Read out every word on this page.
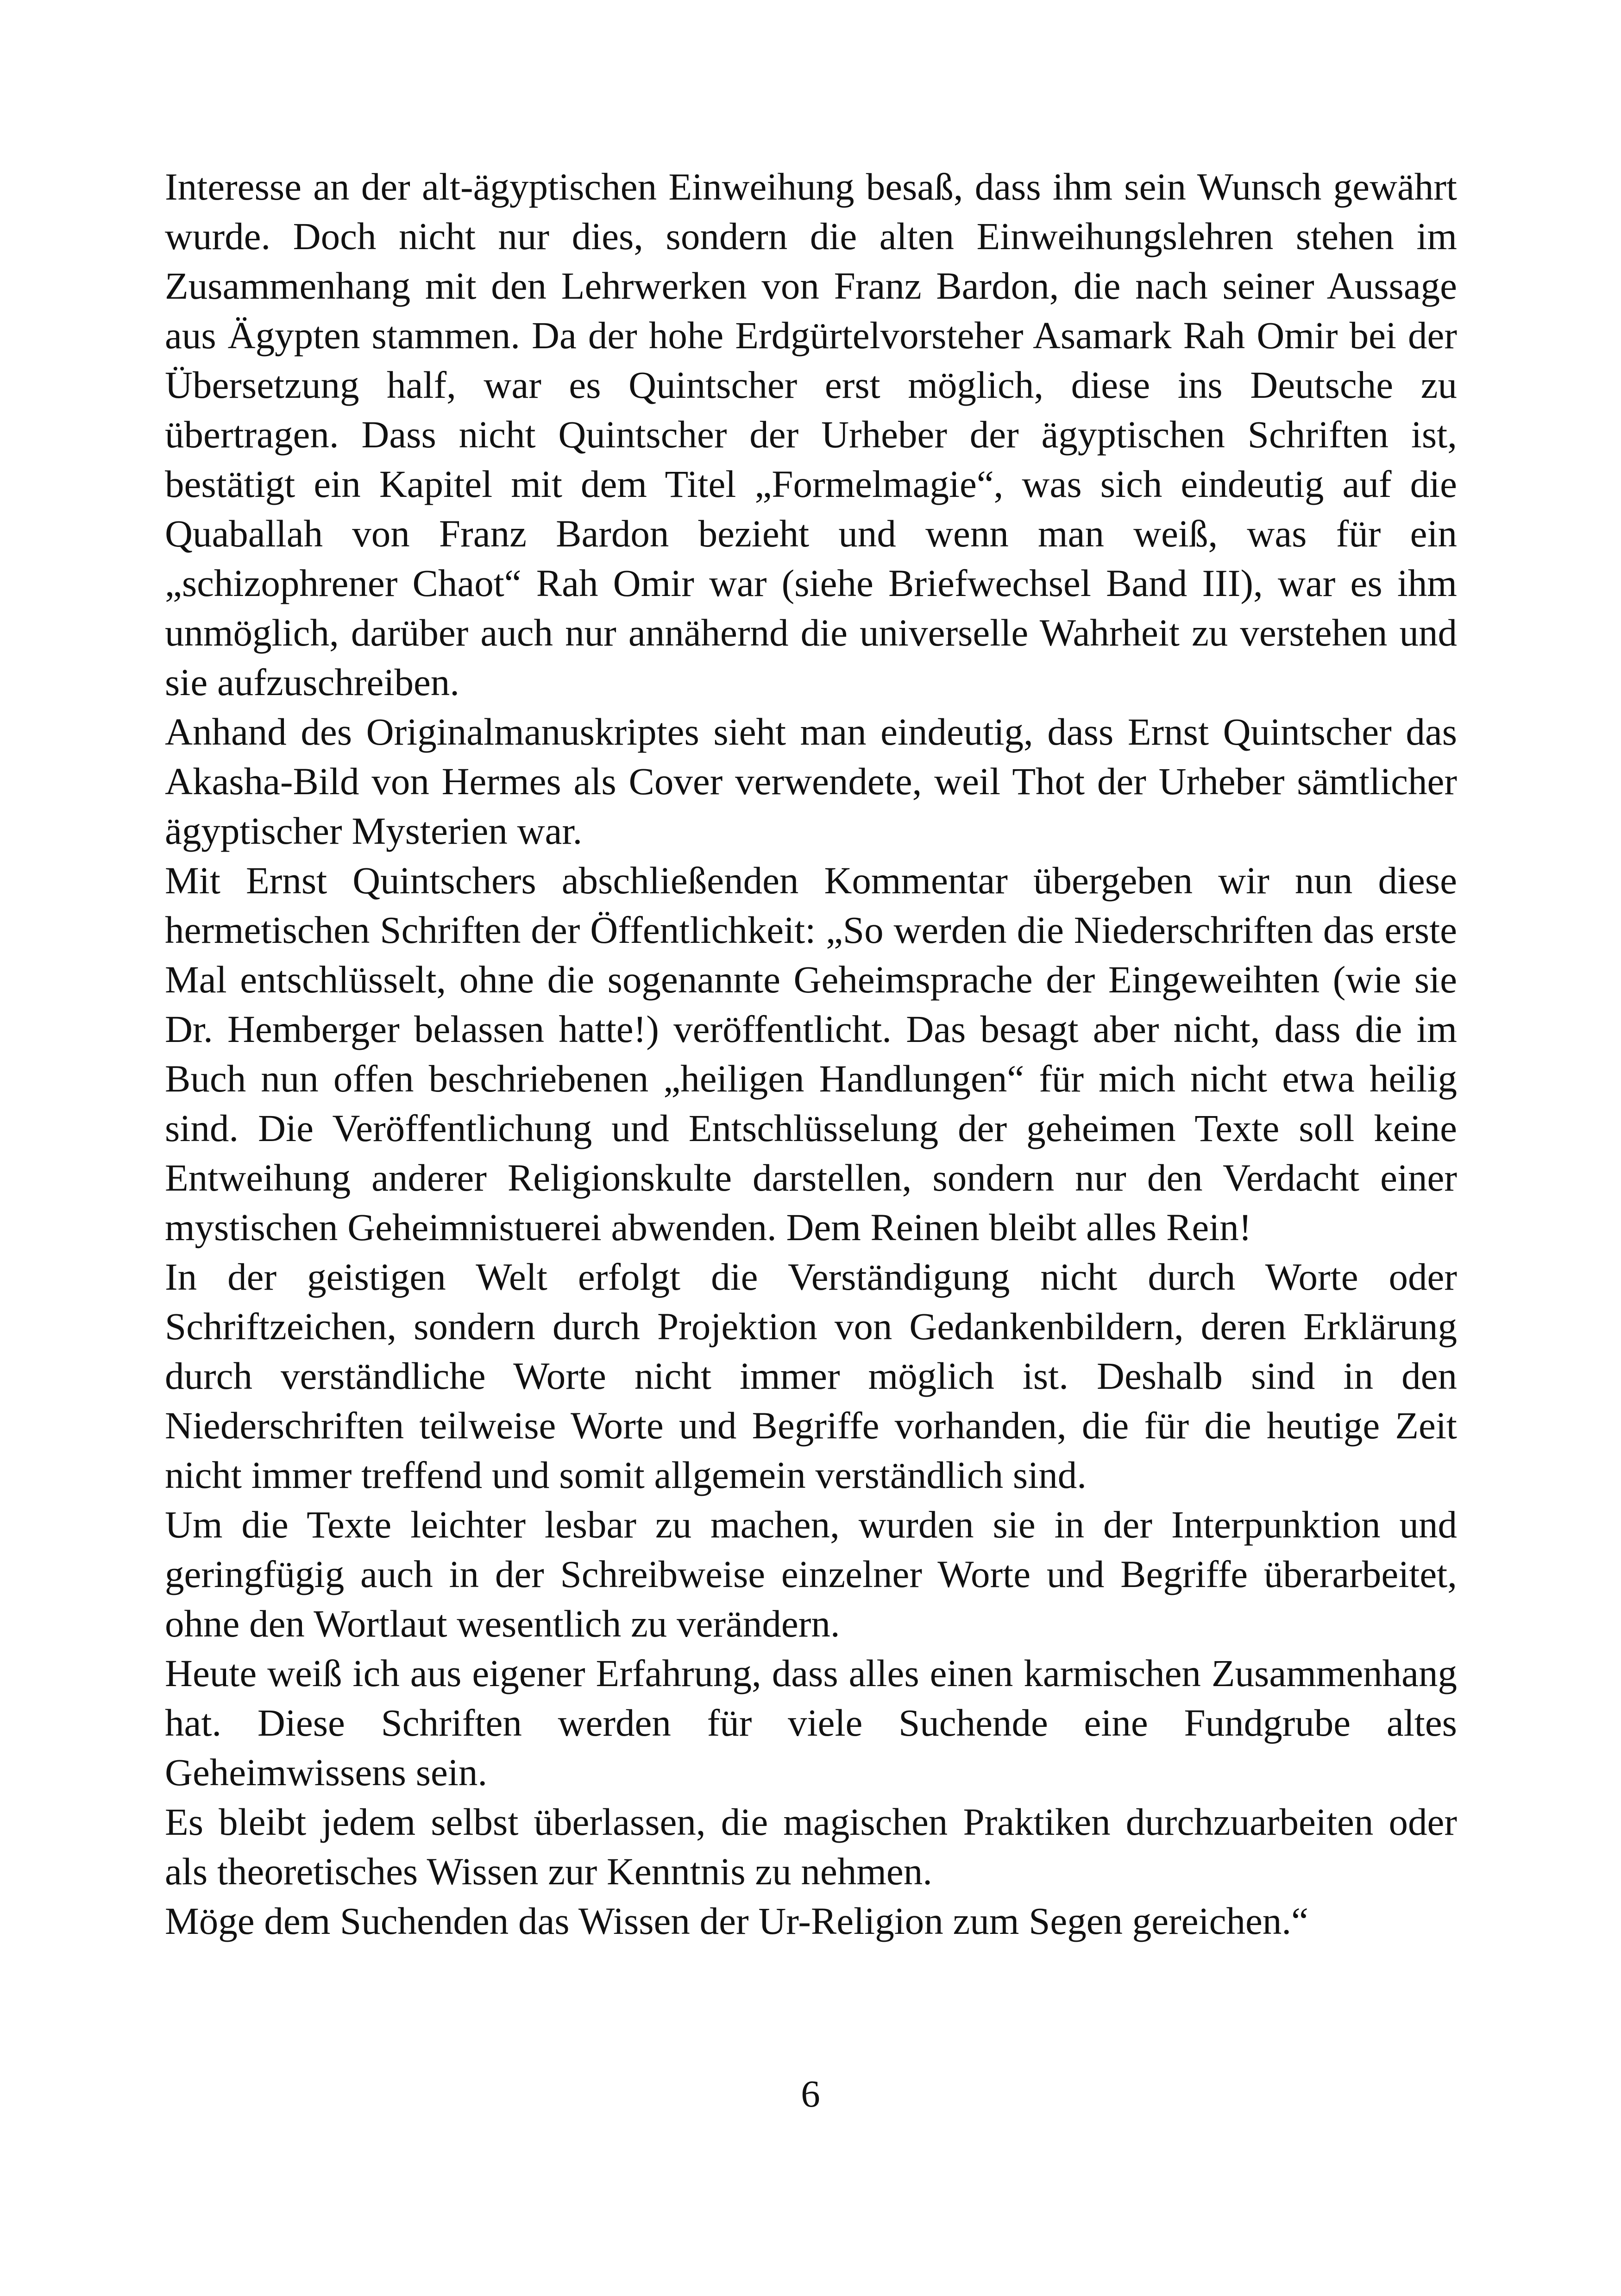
Interesse an der alt-ägyptischen Einweihung besaß, dass ihm sein Wunsch gewährt wurde. Doch nicht nur dies, sondern die alten Einweihungslehren stehen im Zusammenhang mit den Lehrwerken von Franz Bardon, die nach seiner Aussage aus Ägypten stammen. Da der hohe Erdgürtelvorsteher Asamark Rah Omir bei der Übersetzung half, war es Quintscher erst möglich, diese ins Deutsche zu übertragen. Dass nicht Quintscher der Urheber der ägyptischen Schriften ist, bestätigt ein Kapitel mit dem Titel „Formelmagie“, was sich eindeutig auf die Quaballah von Franz Bardon bezieht und wenn man weiß, was für ein „schizophrener Chaot“ Rah Omir war (siehe Briefwechsel Band III), war es ihm unmöglich, darüber auch nur annähernd die universelle Wahrheit zu verstehen und sie aufzuschreiben.

Anhand des Originalmanuskriptes sieht man eindeutig, dass Ernst Quintscher das Akasha-Bild von Hermes als Cover verwendete, weil Thot der Urheber sämtlicher ägyptischer Mysterien war.

Mit Ernst Quintschers abschließenden Kommentar übergeben wir nun diese hermetischen Schriften der Öffentlichkeit: „So werden die Niederschriften das erste Mal entschlüsselt, ohne die sogenannte Geheimsprache der Eingeweihten (wie sie Dr. Hemberger belassen hatte!) veröffentlicht. Das besagt aber nicht, dass die im Buch nun offen beschriebenen „heiligen Handlungen“ für mich nicht etwa heilig sind. Die Veröffentlichung und Entschlüsselung der geheimen Texte soll keine Entweihung anderer Religionskulte darstellen, sondern nur den Verdacht einer mystischen Geheimnistuerei abwenden. Dem Reinen bleibt alles Rein!

In der geistigen Welt erfolgt die Verständigung nicht durch Worte oder Schriftzeichen, sondern durch Projektion von Gedankenbildern, deren Erklärung durch verständliche Worte nicht immer möglich ist. Deshalb sind in den Niederschriften teilweise Worte und Begriffe vorhanden, die für die heutige Zeit nicht immer treffend und somit allgemein verständlich sind.

Um die Texte leichter lesbar zu machen, wurden sie in der Interpunktion und geringfügig auch in der Schreibweise einzelner Worte und Begriffe überarbeitet, ohne den Wortlaut wesentlich zu verändern.

Heute weiß ich aus eigener Erfahrung, dass alles einen karmischen Zusammenhang hat. Diese Schriften werden für viele Suchende eine Fundgrube altes Geheimwissens sein.

Es bleibt jedem selbst überlassen, die magischen Praktiken durchzuarbeiten oder als theoretisches Wissen zur Kenntnis zu nehmen.

Möge dem Suchenden das Wissen der Ur-Religion zum Segen gereichen.“

6
